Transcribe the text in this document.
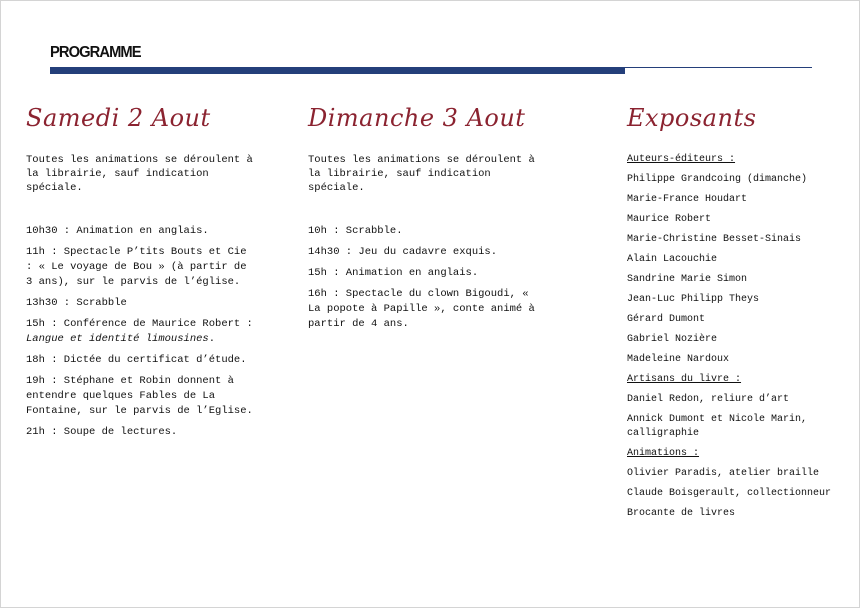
PROGRAMME
Samedi 2 Aout
Toutes les animations se déroulent à la librairie, sauf indication spéciale.
10h30 : Animation en anglais.
11h : Spectacle P’tits Bouts et Cie : « Le voyage de Bou » (à partir de 3 ans), sur le parvis de l’église.
13h30 : Scrabble
15h : Conférence de Maurice Robert : Langue et identité limousines.
18h : Dictée du certificat d’étude.
19h : Stéphane et Robin donnent à entendre quelques Fables de La Fontaine, sur le parvis de l’Eglise.
21h : Soupe de lectures.
Dimanche 3 Aout
Toutes les animations se déroulent à la librairie, sauf indication spéciale.
10h : Scrabble.
14h30 : Jeu du cadavre exquis.
15h : Animation en anglais.
16h : Spectacle du clown Bigoudi, « La popote à Papille », conte animé à partir de 4 ans.
Exposants
Auteurs-éditeurs :
Philippe Grandcoing (dimanche)
Marie-France Houdart
Maurice Robert
Marie-Christine Besset-Sinais
Alain Lacouchie
Sandrine Marie Simon
Jean-Luc Philipp Theys
Gérard Dumont
Gabriel Nozière
Madeleine Nardoux
Artisans du livre :
Daniel Redon, reliure d’art
Annick Dumont et Nicole Marin, calligraphie
Animations :
Olivier Paradis, atelier braille
Claude Boisgerault, collectionneur
Brocante de livres
